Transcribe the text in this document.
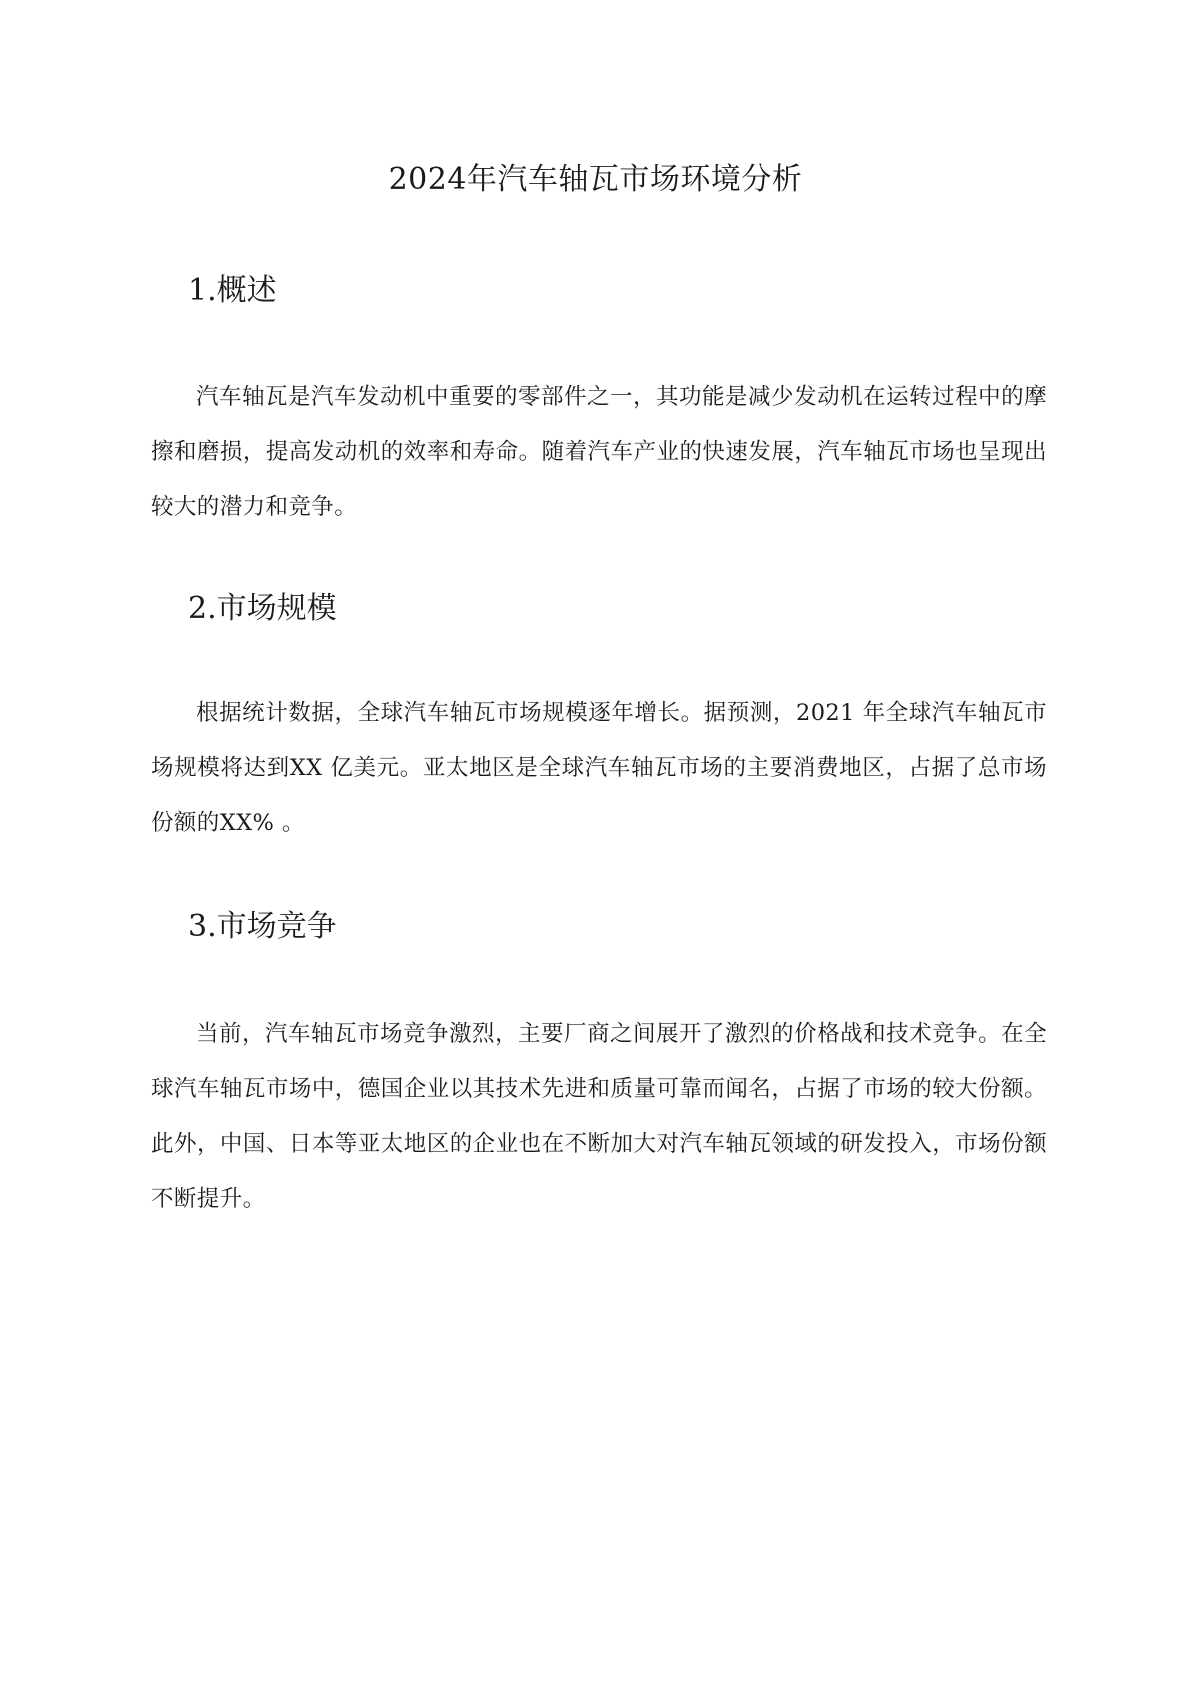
2024年汽车轴瓦市场环境分析
1.概述

汽车轴瓦是汽车发动机中重要的零部件之一，其功能是减少发动机在运转过程中的摩擦和磨损，提高发动机的效率和寿命。随着汽车产业的快速发展，汽车轴瓦市场也呈现出较大的潜力和竞争。

2.市场规模

根据统计数据，全球汽车轴瓦市场规模逐年增长。据预测，2021 年全球汽车轴瓦市场规模将达到XX 亿美元。亚太地区是全球汽车轴瓦市场的主要消费地区，占据了总市场份额的XX% 。

3.市场竞争

当前，汽车轴瓦市场竞争激烈，主要厂商之间展开了激烈的价格战和技术竞争。在全球汽车轴瓦市场中，德国企业以其技术先进和质量可靠而闻名，占据了市场的较大份额。此外，中国、日本等亚太地区的企业也在不断加大对汽车轴瓦领域的研发投入，市场份额不断提升。
